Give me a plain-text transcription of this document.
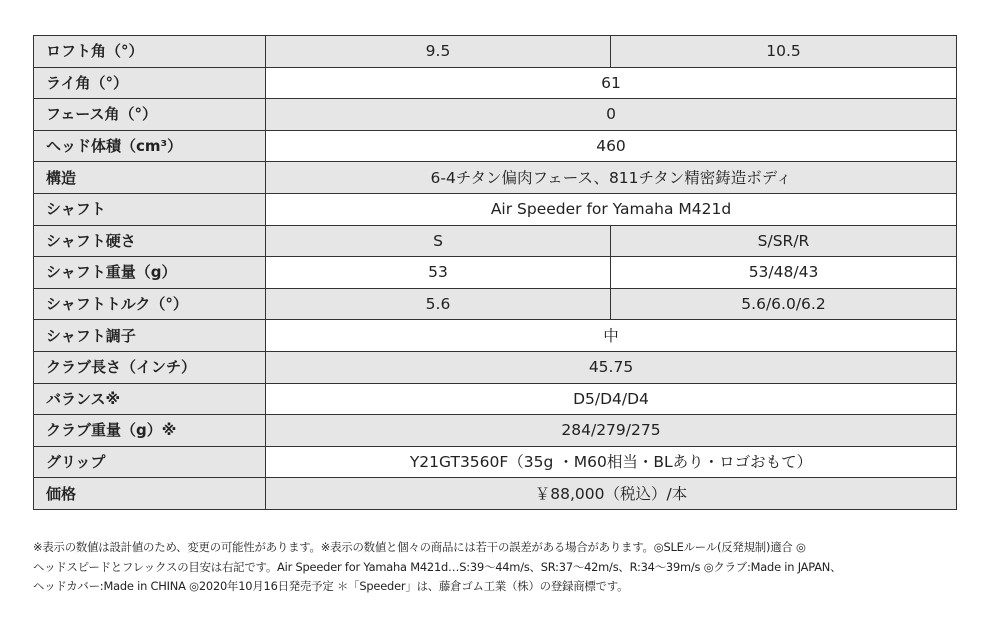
ロフト角（°）	9.5	10.5
ライ角（°）	61	
フェース角（°）	0	
ヘッド体積（cm³）	460	
構造	6-4チタン偏肉フェース、811チタン精密鋳造ボディ	
シャフト	Air Speeder for Yamaha M421d	
シャフト硬さ	S	S/SR/R
シャフト重量（g）	53	53/48/43
シャフトトルク（°）	5.6	5.6/6.0/6.2
シャフト調子	中	
クラブ長さ（インチ）	45.75	
バランス※	D5/D4/D4	
クラブ重量（g）※	284/279/275	
グリップ	Y21GT3560F（35g ・M60相当・BLあり・ロゴおもて）	
価格	￥88,000（税込）/本	
※表示の数値は設計値のため、変更の可能性があります。※表示の数値と個々の商品には若干の誤差がある場合があります。◎SLEルール(反発規制)適合 ◎
ヘッドスピードとフレックスの目安は右記です。Air Speeder for Yamaha M421d…S:39〜44m/s、SR:37〜42m/s、R:34〜39m/s ◎クラブ:Made in JAPAN、
ヘッドカバー:Made in CHINA ◎2020年10月16日発売予定 ＊「Speeder」は、藤倉ゴム工業（株）の登録商標です。
